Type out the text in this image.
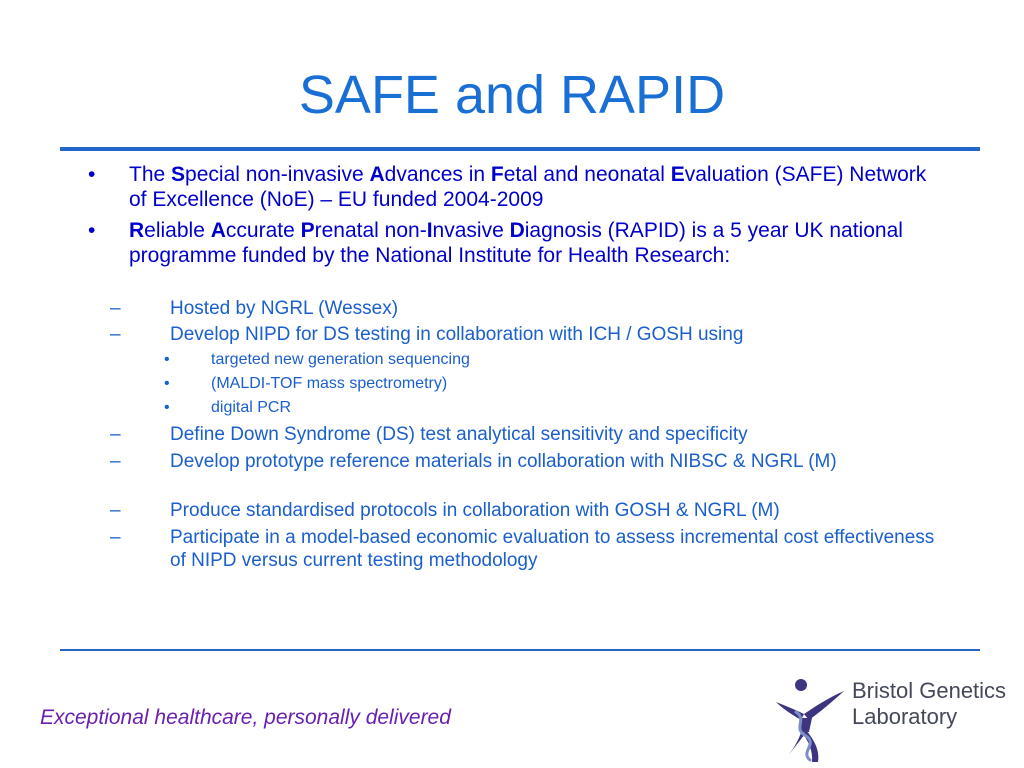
SAFE and RAPID
•	The Special non-invasive Advances in Fetal and neonatal Evaluation (SAFE) Network of Excellence (NoE) – EU funded 2004-2009
•	Reliable Accurate Prenatal non-Invasive Diagnosis (RAPID) is a 5 year UK national programme funded by the National Institute for Health Research:
–	Hosted by NGRL (Wessex)
–	Develop NIPD for DS testing in collaboration with ICH / GOSH using
•	targeted new generation sequencing
•	(MALDI-TOF mass spectrometry)
•	digital PCR
–	Define Down Syndrome (DS) test analytical sensitivity and specificity
–	Develop prototype reference materials in collaboration with NIBSC & NGRL (M)
–	Produce standardised protocols in collaboration with GOSH & NGRL (M)
–	Participate in a model-based economic evaluation to assess incremental cost effectiveness of NIPD versus current testing methodology
Exceptional healthcare, personally delivered
Bristol Genetics
Laboratory
